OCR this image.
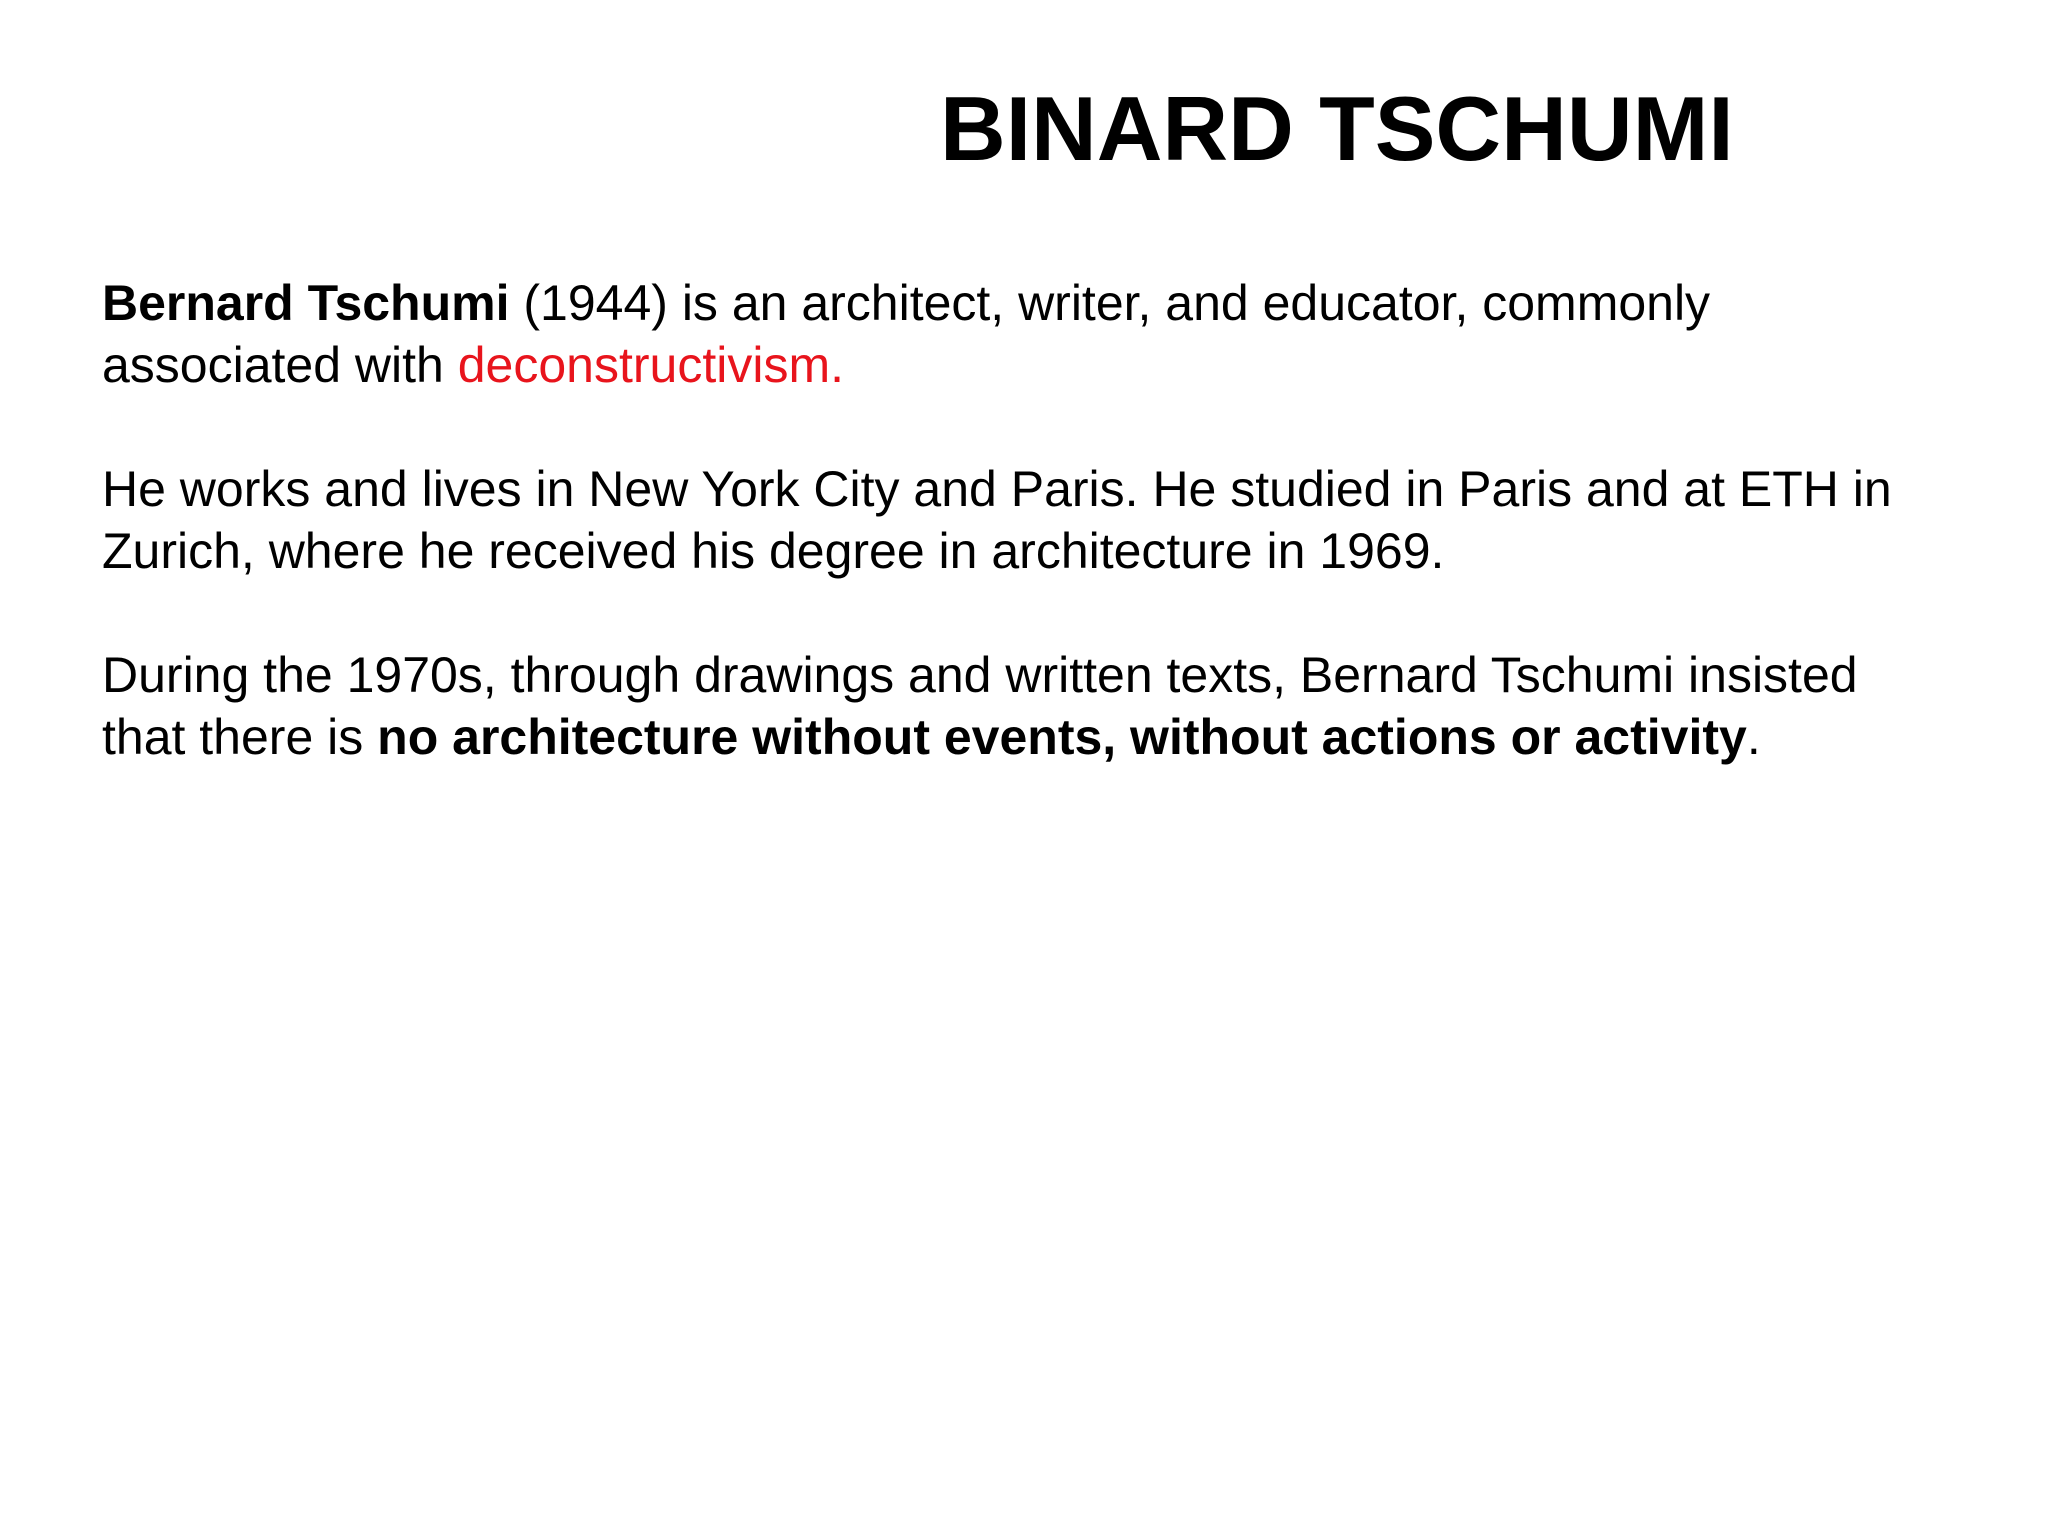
BINARD TSCHUMI

Bernard Tschumi (1944) is an architect, writer, and educator, commonly
associated with deconstructivism.

He works and lives in New York City and Paris. He studied in Paris and at ETH in
Zurich, where he received his degree in architecture in 1969.

During the 1970s, through drawings and written texts, Bernard Tschumi insisted
that there is no architecture without events, without actions or activity.
